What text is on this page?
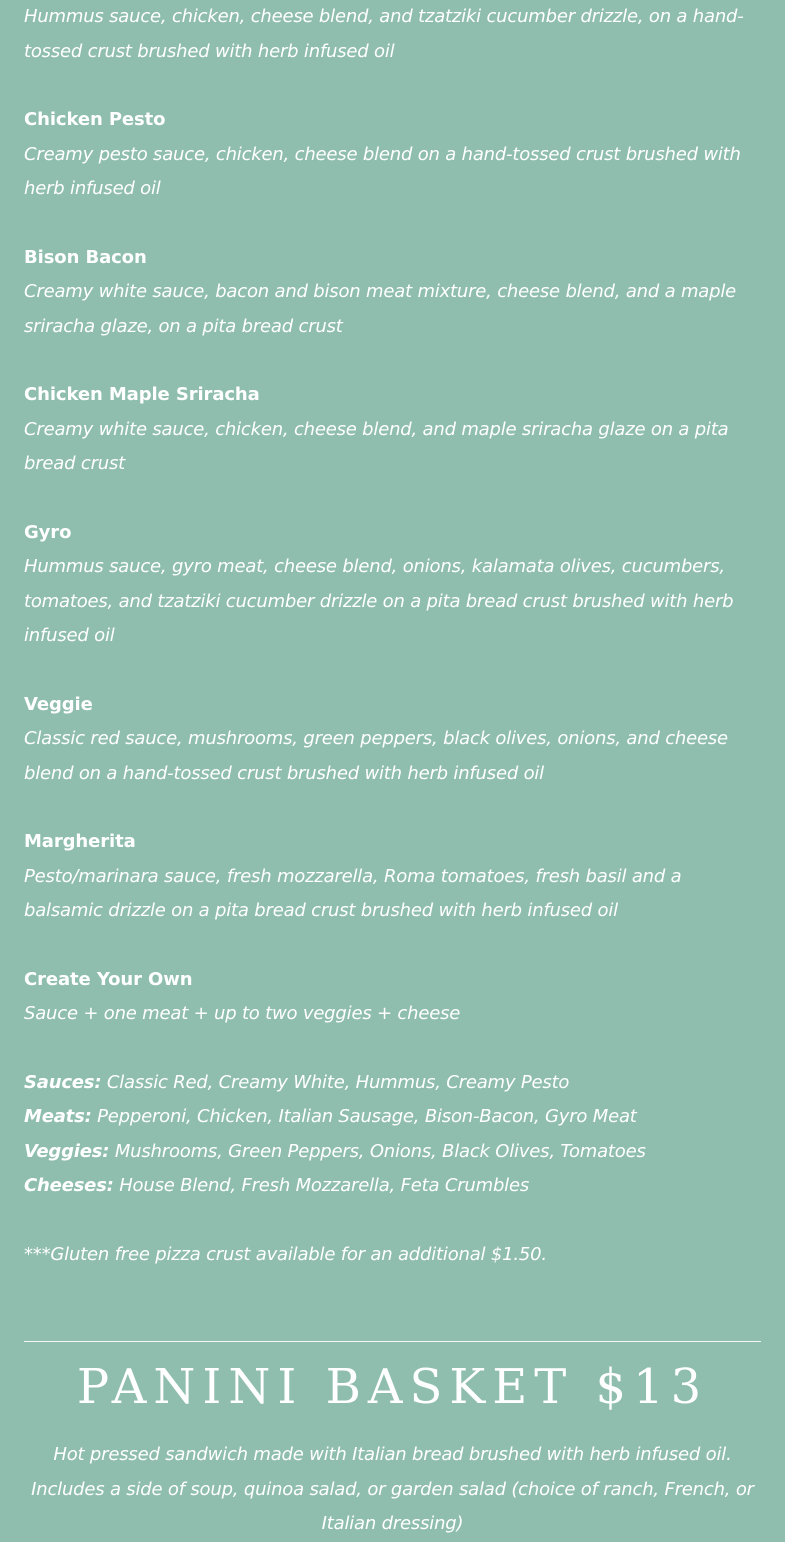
Hummus sauce, chicken, cheese blend, and tzatziki cucumber drizzle, on a hand-tossed crust brushed with herb infused oil

Chicken Pesto

Creamy pesto sauce, chicken, cheese blend on a hand-tossed crust brushed with herb infused oil

Bison Bacon

Creamy white sauce, bacon and bison meat mixture, cheese blend, and a maple sriracha glaze, on a pita bread crust

Chicken Maple Sriracha

Creamy white sauce, chicken, cheese blend, and maple sriracha glaze on a pita bread crust

Gyro

Hummus sauce, gyro meat, cheese blend, onions, kalamata olives, cucumbers, tomatoes, and tzatziki cucumber drizzle on a pita bread crust brushed with herb infused oil

Veggie

Classic red sauce, mushrooms, green peppers, black olives, onions, and cheese blend on a hand-tossed crust brushed with herb infused oil

Margherita

Pesto/marinara sauce, fresh mozzarella, Roma tomatoes, fresh basil and a balsamic drizzle on a pita bread crust brushed with herb infused oil

Create Your Own

Sauce + one meat + up to two veggies + cheese

Sauces: Classic Red, Creamy White, Hummus, Creamy Pesto

Meats: Pepperoni, Chicken, Italian Sausage, Bison-Bacon, Gyro Meat

Veggies: Mushrooms, Green Peppers, Onions, Black Olives, Tomatoes

Cheeses: House Blend, Fresh Mozzarella, Feta Crumbles

***Gluten free pizza crust available for an additional $1.50.

PANINI BASKET $13

Hot pressed sandwich made with Italian bread brushed with herb infused oil. Includes a side of soup, quinoa salad, or garden salad (choice of ranch, French, or Italian dressing)
